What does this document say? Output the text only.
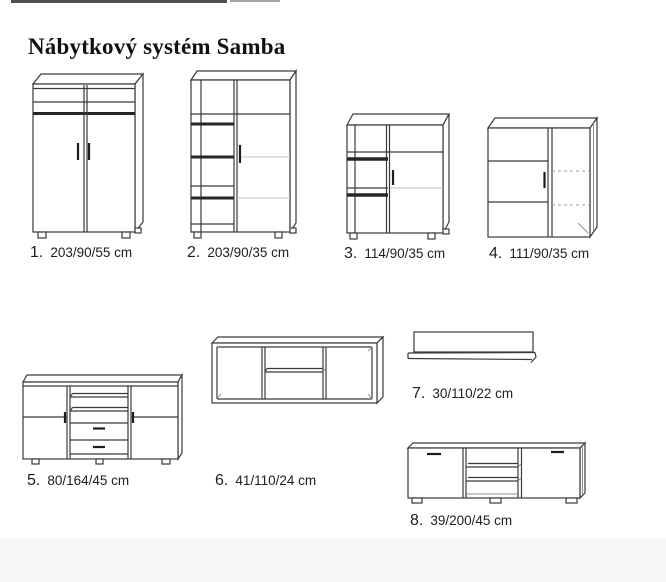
Nábytkový systém Samba
1. 203/90/55 cm	2. 203/90/35 cm	3. 114/90/35 cm	4. 111/90/35 cm
5. 80/164/45 cm	6. 41/110/24 cm
7. 30/110/22 cm
8. 39/200/45 cm
